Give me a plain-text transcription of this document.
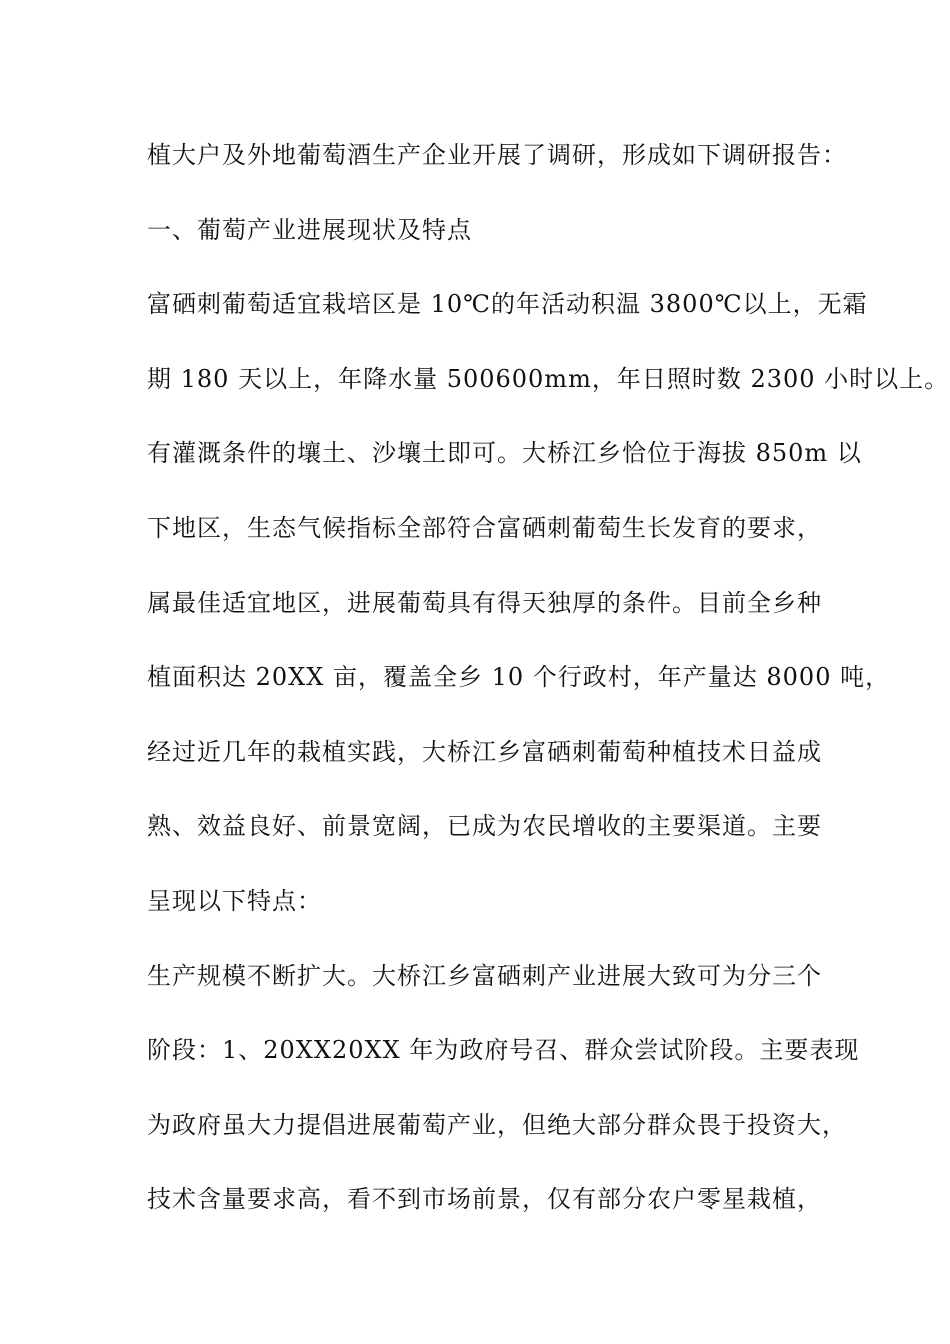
植大户及外地葡萄酒生产企业开展了调研，形成如下调研报告：
一、葡萄产业进展现状及特点
富硒刺葡萄适宜栽培区是 10℃的年活动积温 3800℃以上，无霜
期 180 天以上，年降水量 500600mm，年日照时数 2300 小时以上。
有灌溉条件的壤土、沙壤土即可。大桥江乡恰位于海拔 850m 以
下地区，生态气候指标全部符合富硒刺葡萄生长发育的要求，
属最佳适宜地区，进展葡萄具有得天独厚的条件。目前全乡种
植面积达 20XX 亩，覆盖全乡 10 个行政村，年产量达 8000 吨，
经过近几年的栽植实践，大桥江乡富硒刺葡萄种植技术日益成
熟、效益良好、前景宽阔，已成为农民增收的主要渠道。主要
呈现以下特点：
生产规模不断扩大。大桥江乡富硒刺产业进展大致可为分三个
阶段：1、20XX20XX 年为政府号召、群众尝试阶段。主要表现
为政府虽大力提倡进展葡萄产业，但绝大部分群众畏于投资大，
技术含量要求高，看不到市场前景，仅有部分农户零星栽植，
